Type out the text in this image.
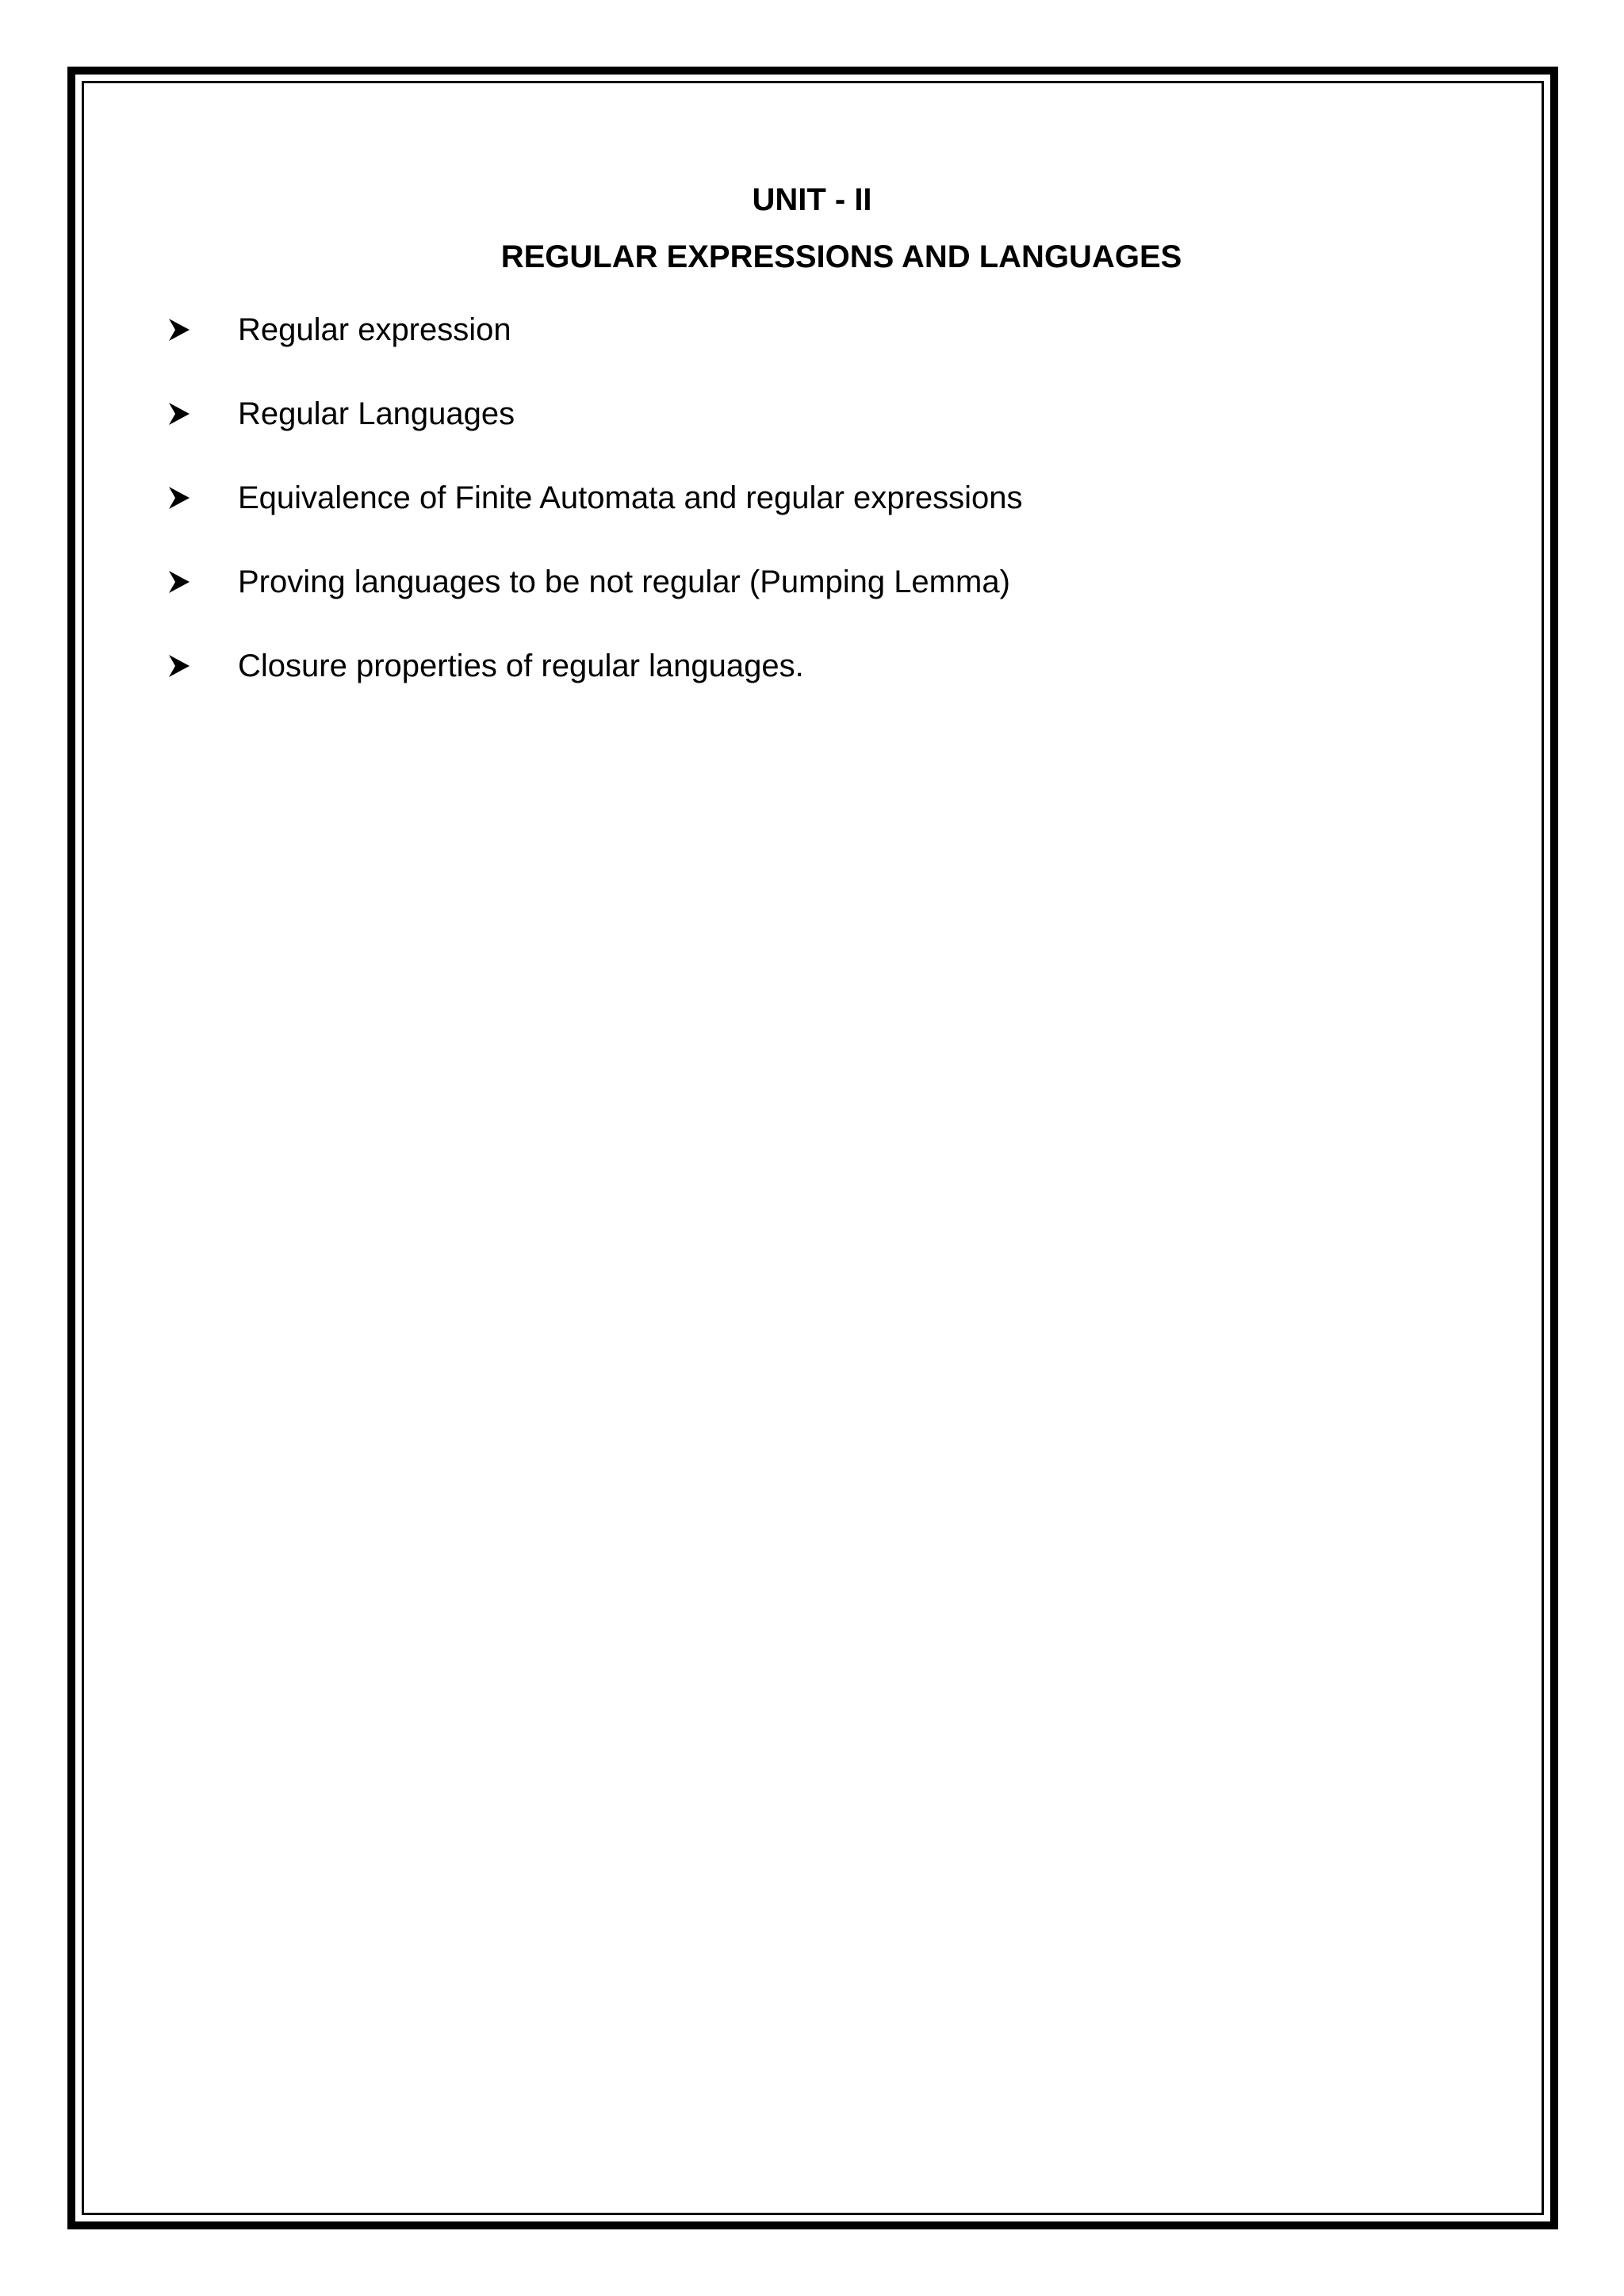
UNIT - II
REGULAR EXPRESSIONS AND LANGUAGES
Regular expression
Regular Languages
Equivalence of Finite Automata and regular expressions
Proving languages to be not regular (Pumping Lemma)
Closure properties of regular languages.
